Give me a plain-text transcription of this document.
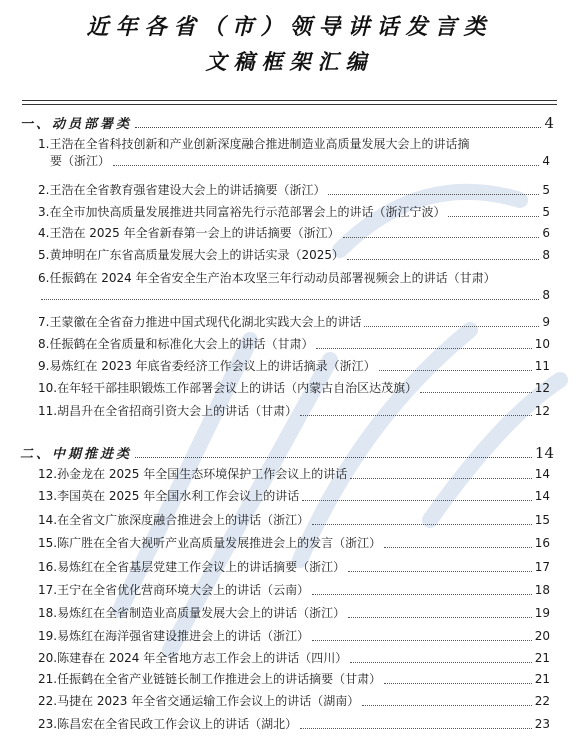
近年各省（市）领导讲话发言类
文稿框架汇编
一、动员部署类	4
1.王浩在全省科技创新和产业创新深度融合推进制造业高质量发展大会上的讲话摘
要（浙江）	4
2.王浩在全省教育强省建设大会上的讲话摘要（浙江）	5
3.在全市加快高质量发展推进共同富裕先行示范部署会上的讲话（浙江宁波）	5
4.王浩在 2025 年全省新春第一会上的讲话摘要（浙江）	6
5.黄坤明在广东省高质量发展大会上的讲话实录（2025）	8
6.任振鹤在 2024 年全省安全生产治本攻坚三年行动动员部署视频会上的讲话（甘肃）
8
7.王蒙徽在全省奋力推进中国式现代化湖北实践大会上的讲话	9
8.任振鹤在全省质量和标准化大会上的讲话（甘肃）	10
9.易炼红在 2023 年底省委经济工作会议上的讲话摘录（浙江）	11
10.在年轻干部挂职锻炼工作部署会议上的讲话（内蒙古自治区达茂旗）	12
11.胡昌升在全省招商引资大会上的讲话（甘肃）	12
二、中期推进类	14
12.孙金龙在 2025 年全国生态环境保护工作会议上的讲话	14
13.李国英在 2025 年全国水利工作会议上的讲话	14
14.在全省文广旅深度融合推进会上的讲话（浙江）	15
15.陈广胜在全省大视听产业高质量发展推进会上的发言（浙江）	16
16.易炼红在全省基层党建工作会议上的讲话摘要（浙江）	17
17.王宁在全省优化营商环境大会上的讲话（云南）	18
18.易炼红在全省制造业高质量发展大会上的讲话（浙江）	19
19.易炼红在海洋强省建设推进会上的讲话（浙江）	20
20.陈建春在 2024 年全省地方志工作会上的讲话（四川）	21
21.任振鹤在全省产业链链长制工作推进会上的讲话摘要（甘肃）	21
22.马捷在 2023 年全省交通运输工作会议上的讲话（湖南）	22
23.陈昌宏在全省民政工作会议上的讲话（湖北）	23
